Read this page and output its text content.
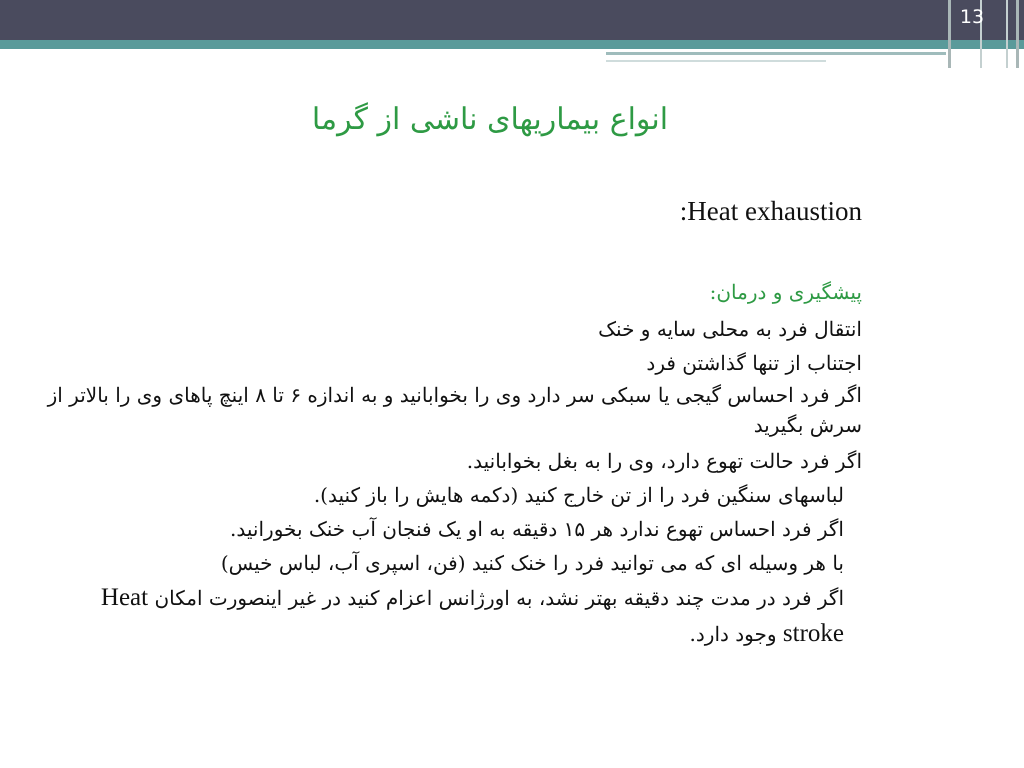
13
انواع بیماریهای ناشی از گرما
:Heat exhaustion
پیشگیری و درمان:

انتقال فرد به محلی سایه و خنک

اجتناب از تنها گذاشتن فرد

اگر فرد احساس گیجی یا سبکی سر دارد وی را بخوابانید و به اندازه ۶ تا ۸ اینچ پاهای وی را بالاتر از سرش بگیرید

اگر فرد حالت تهوع دارد، وی را به بغل بخوابانید.

لباسهای سنگین فرد را از تن خارج کنید (دکمه هایش را باز کنید).

اگر فرد احساس تهوع ندارد هر ۱۵ دقیقه به او یک فنجان آب خنک بخورانید.

با هر وسیله ای که می توانید فرد را خنک کنید (فن، اسپری آب، لباس خیس)

اگر فرد در مدت چند دقیقه بهتر نشد، به اورژانس اعزام کنید در غیر اینصورت امکان Heat stroke وجود دارد.
